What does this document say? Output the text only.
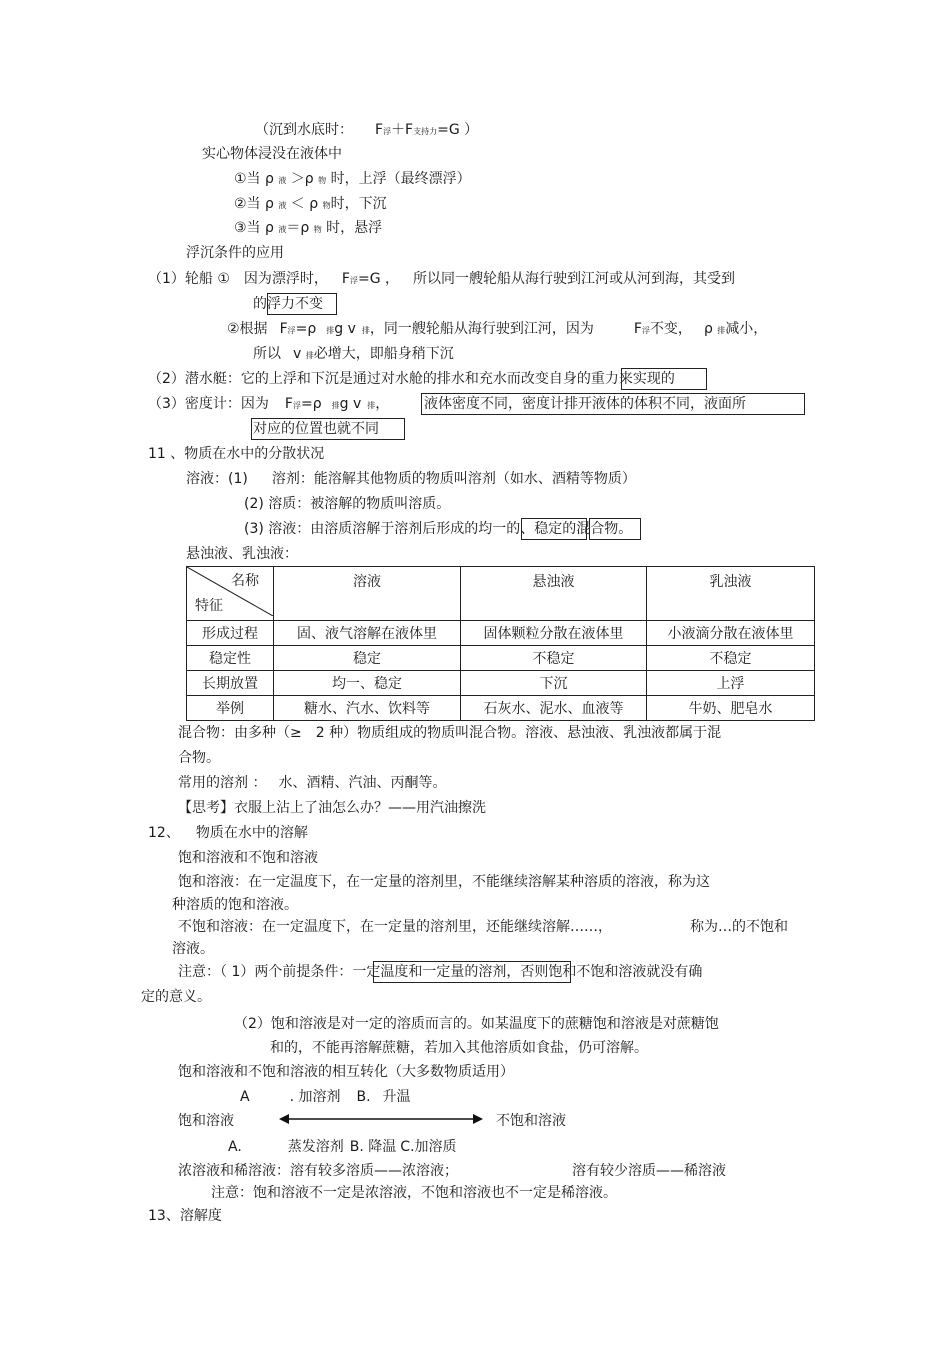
（沉到水底时： F浮＋F支持力=G ）
实心物体浸没在液体中
①当 ρ 液 ＞ρ 物 时，上浮（最终漂浮）
②当 ρ 液 ＜ ρ 物时，下沉
③当 ρ 液＝ρ 物 时，悬浮
浮沉条件的应用
（1）轮船 ① 因为漂浮时， F浮=G ， 所以同一艘轮船从海行驶到江河或从河到海，其受到
的浮力不变
②根据 F浮=ρ 排g v 排，同一艘轮船从海行驶到江河，因为	F浮不变， ρ 排减小，
所以 v 排必增大，即船身稍下沉
（2）潜水艇：它的上浮和下沉是通过对水舱的排水和充水而改变自身的重力来实现的
（3）密度计：因为 F浮=ρ 排g v 排， 液体密度不同，密度计排开液体的体积不同，液面所
对应的位置也就不同
11 、物质在水中的分散状况
溶液：(1) 溶剂：能溶解其他物质的物质叫溶剂（如水、酒精等物质）
(2) 溶质：被溶解的物质叫溶质。
(3) 溶液：由溶质溶解于溶剂后形成的均一的、稳定的混合物。
悬浊液、乳浊液：
名称
特征	溶液	悬浊液	乳浊液
形成过程	固、液气溶解在液体里	固体颗粒分散在液体里	小液滴分散在液体里
稳定性	稳定	不稳定	不稳定
长期放置	均一、稳定	下沉	上浮
举例	糖水、汽水、饮料等	石灰水、泥水、血液等	牛奶、肥皂水
混合物：由多种（≥ 2 种）物质组成的物质叫混合物。溶液、悬浊液、乳浊液都属于混
合物。
常用的溶剂 ： 水、酒精、汽油、丙酮等。
【思考】衣服上沾上了油怎么办？——用汽油擦洗
12、 物质在水中的溶解
饱和溶液和不饱和溶液
饱和溶液：在一定温度下，在一定量的溶剂里，不能继续溶解某种溶质的溶液，称为这
种溶质的饱和溶液。
不饱和溶液：在一定温度下，在一定量的溶剂里，还能继续溶解……，	称为…的不饱和
溶液。
注意：（ 1）两个前提条件：一定温度和一定量的溶剂，否则饱和不饱和溶液就没有确
定的意义。
（2）饱和溶液是对一定的溶质而言的。如某温度下的蔗糖饱和溶液是对蔗糖饱
和的，不能再溶解蔗糖，若加入其他溶质如食盐，仍可溶解。
饱和溶液和不饱和溶液的相互转化（大多数物质适用）
A	. 加溶剂 B. 升温
饱和溶液	不饱和溶液
A.	蒸发溶剂 B. 降温 C.加溶质
浓溶液和稀溶液：溶有较多溶质——浓溶液；	溶有较少溶质——稀溶液
注意：饱和溶液不一定是浓溶液，不饱和溶液也不一定是稀溶液。
13、溶解度
